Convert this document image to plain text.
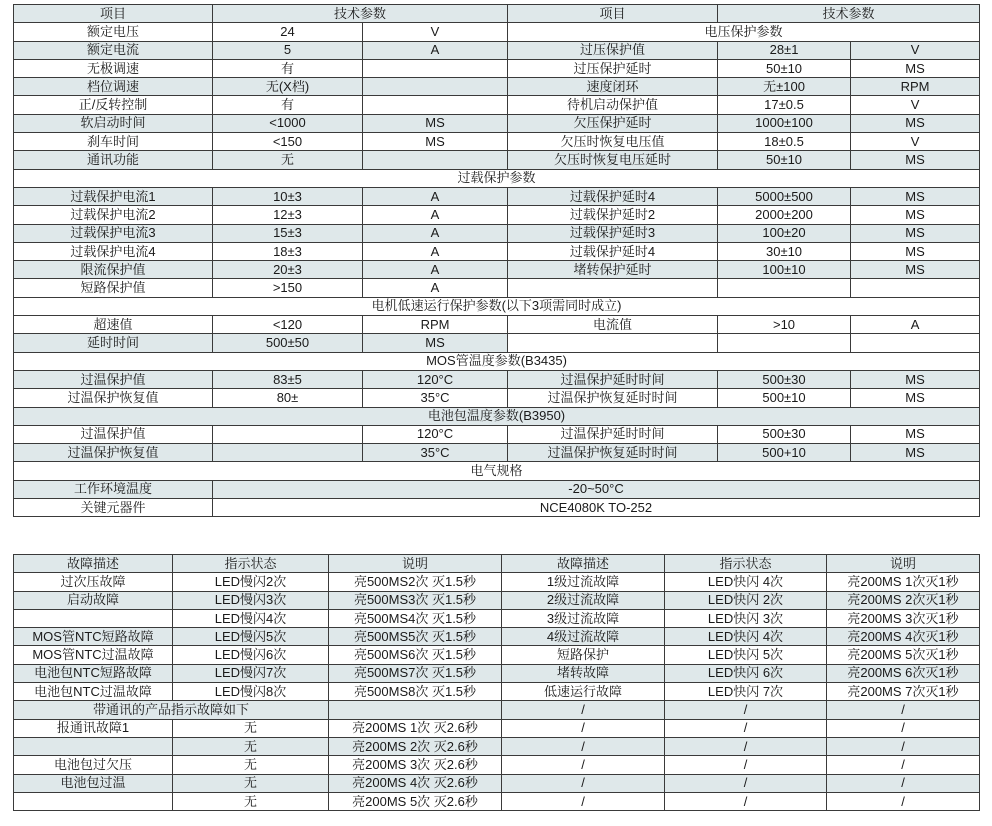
项目	技术参数		项目	技术参数	
额定电压	24	V	电压保护参数		
额定电流	5	A	过压保护值	28±1	V
无极调速	有		过压保护延时	50±10	MS
档位调速	无(X档)		速度闭环	无±100	RPM
正/反转控制	有		待机启动保护值	17±0.5	V
软启动时间	<1000	MS	欠压保护延时	1000±100	MS
刹车时间	<150	MS	欠压时恢复电压值	18±0.5	V
通讯功能	无		欠压时恢复电压延时	50±10	MS
过载保护参数					
过载保护电流1	10±3	A	过载保护延时4	5000±500	MS
过载保护电流2	12±3	A	过载保护延时2	2000±200	MS
过载保护电流3	15±3	A	过载保护延时3	100±20	MS
过载保护电流4	18±3	A	过载保护延时4	30±10	MS
限流保护值	20±3	A	堵转保护延时	100±10	MS
短路保护值	>150	A			
电机低速运行保护参数(以下3项需同时成立)					
超速值	<120	RPM	电流值	>10	A
延时时间	500±50	MS			
MOS管温度参数(B3435)					
过温保护值	83±5	120°C	过温保护延时时间	500±30	MS
过温保护恢复值	80±	35°C	过温保护恢复延时时间	500±10	MS
电池包温度参数(B3950)					
过温保护值		120°C	过温保护延时时间	500±30	MS
过温保护恢复值		35°C	过温保护恢复延时时间	500+10	MS
电气规格					
工作环境温度	-20~50°C				
关键元器件	NCE4080K TO-252				
故障描述	指示状态	说明	故障描述	指示状态	说明
过次压故障	LED慢闪2次	亮500MS2次 灭1.5秒	1级过流故障	LED快闪 4次	亮200MS 1次灭1秒
启动故障	LED慢闪3次	亮500MS3次 灭1.5秒	2级过流故障	LED快闪 2次	亮200MS 2次灭1秒
	LED慢闪4次	亮500MS4次 灭1.5秒	3级过流故障	LED快闪 3次	亮200MS 3次灭1秒
MOS管NTC短路故障	LED慢闪5次	亮500MS5次 灭1.5秒	4级过流故障	LED快闪 4次	亮200MS 4次灭1秒
MOS管NTC过温故障	LED慢闪6次	亮500MS6次 灭1.5秒	短路保护	LED快闪 5次	亮200MS 5次灭1秒
电池包NTC短路故障	LED慢闪7次	亮500MS7次 灭1.5秒	堵转故障	LED快闪 6次	亮200MS 6次灭1秒
电池包NTC过温故障	LED慢闪8次	亮500MS8次 灭1.5秒	低速运行故障	LED快闪 7次	亮200MS 7次灭1秒
带通讯的产品指示故障如下			/	/	/
报通讯故障1	无	亮200MS 1次 灭2.6秒	/	/	/
	无	亮200MS 2次 灭2.6秒	/	/	/
电池包过欠压	无	亮200MS 3次 灭2.6秒	/	/	/
电池包过温	无	亮200MS 4次 灭2.6秒	/	/	/
	无	亮200MS 5次 灭2.6秒	/	/	/
